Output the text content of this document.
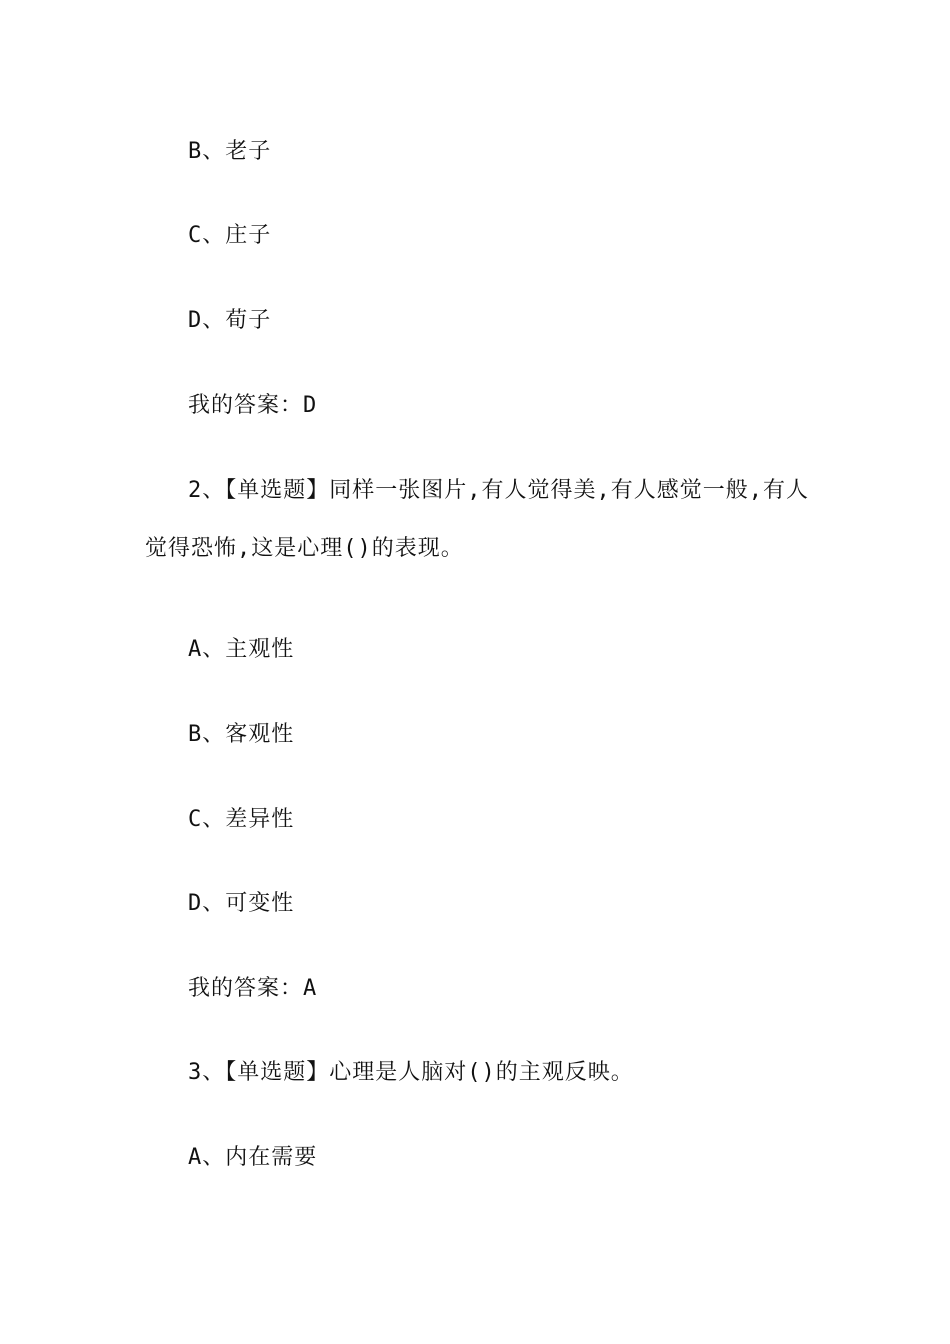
B、老子
C、庄子
D、荀子
我的答案：D
2、【单选题】同样一张图片,有人觉得美,有人感觉一般,有人
觉得恐怖,这是心理()的表现。
A、主观性
B、客观性
C、差异性
D、可变性
我的答案：A
3、【单选题】心理是人脑对()的主观反映。
A、内在需要
